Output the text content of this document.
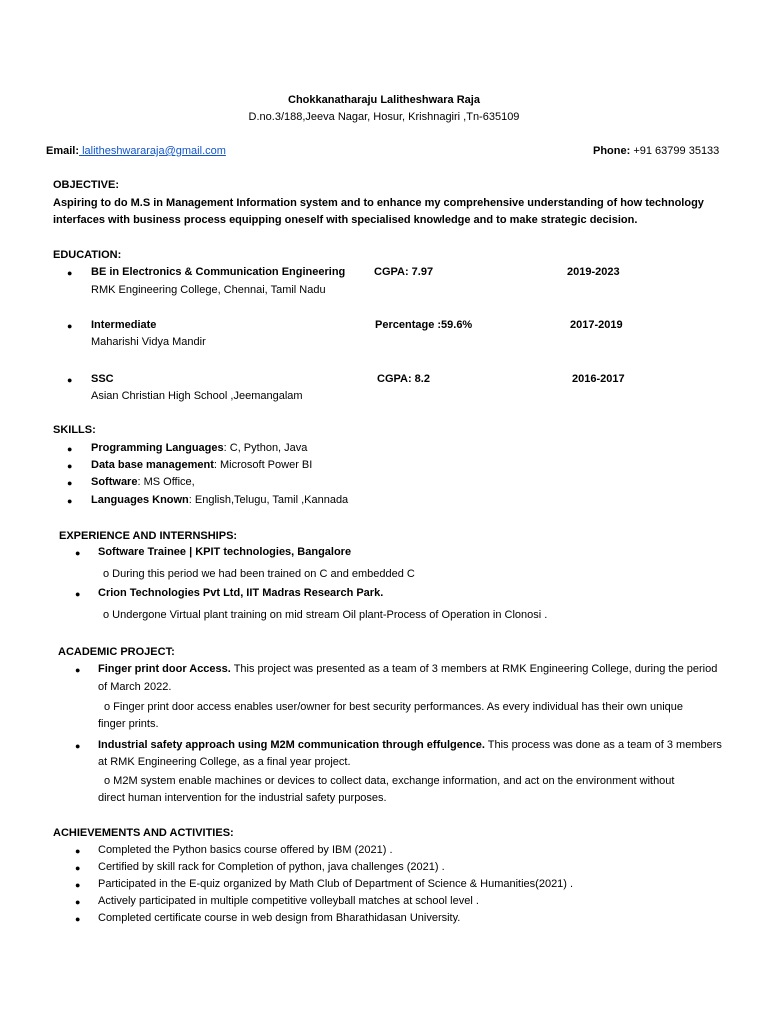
Chokkanatharaju Lalitheshwara Raja
D.no.3/188,Jeeva Nagar, Hosur, Krishnagiri ,Tn-635109
Email: lalitheshwararaja@gmail.com	Phone: +91 63799 35133
OBJECTIVE:
Aspiring to do M.S in Management Information system and to enhance my comprehensive understanding of how technology
interfaces with business process equipping oneself with specialised knowledge and to make strategic decision.
EDUCATION:
● BE in Electronics & Communication Engineering	CGPA: 7.97	2019-2023
RMK Engineering College, Chennai, Tamil Nadu
● Intermediate	Percentage :59.6%	2017-2019
Maharishi Vidya Mandir
● SSC	CGPA: 8.2	2016-2017
Asian Christian High School ,Jeemangalam
SKILLS:
● Programming Languages: C, Python, Java
● Data base management: Microsoft Power BI
● Software: MS Office,
● Languages Known: English,Telugu, Tamil ,Kannada
EXPERIENCE AND INTERNSHIPS:
● Software Trainee | KPIT technologies, Bangalore
o During this period we had been trained on C and embedded C
● Crion Technologies Pvt Ltd, IIT Madras Research Park.
o Undergone Virtual plant training on mid stream Oil plant-Process of Operation in Clonosi .
ACADEMIC PROJECT:
● Finger print door Access. This project was presented as a team of 3 members at RMK Engineering College, during the period
of March 2022.
o Finger print door access enables user/owner for best security performances. As every individual has their own unique
finger prints.
● Industrial safety approach using M2M communication through effulgence. This process was done as a team of 3 members
at RMK Engineering College, as a final year project.
o M2M system enable machines or devices to collect data, exchange information, and act on the environment without
direct human intervention for the industrial safety purposes.
ACHIEVEMENTS AND ACTIVITIES:
● Completed the Python basics course offered by IBM (2021) .
● Certified by skill rack for Completion of python, java challenges (2021) .
● Participated in the E-quiz organized by Math Club of Department of Science & Humanities(2021) .
● Actively participated in multiple competitive volleyball matches at school level .
● Completed certificate course in web design from Bharathidasan University.
